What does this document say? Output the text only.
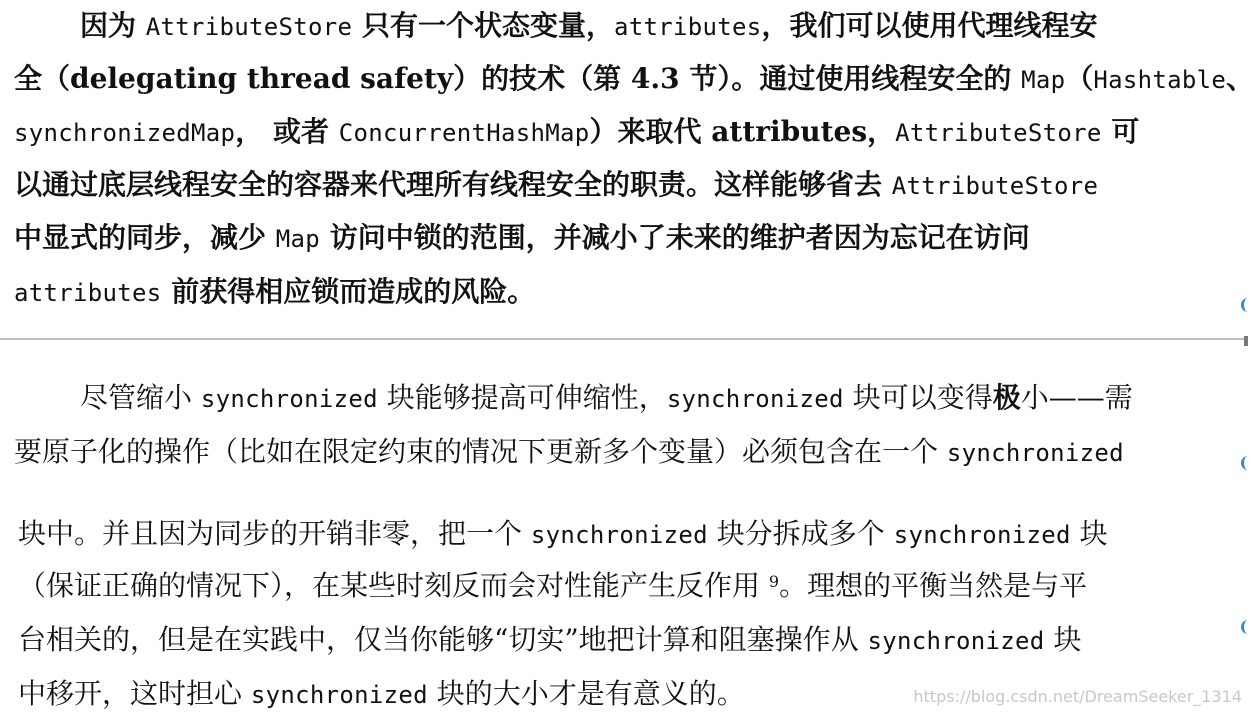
因为 AttributeStore 只有一个状态变量，attributes，我们可以使用代理线程安
全（delegating thread safety）的技术（第 4.3 节）。通过使用线程安全的 Map（Hashtable、
synchronizedMap， 或者 ConcurrentHashMap）来取代 attributes，AttributeStore 可
以通过底层线程安全的容器来代理所有线程安全的职责。这样能够省去 AttributeStore
中显式的同步，减少 Map 访问中锁的范围，并减小了未来的维护者因为忘记在访问
attributes 前获得相应锁而造成的风险。
尽管缩小 synchronized 块能够提高可伸缩性，synchronized 块可以变得极小——需
要原子化的操作（比如在限定约束的情况下更新多个变量）必须包含在一个 synchronized
块中。并且因为同步的开销非零，把一个 synchronized 块分拆成多个 synchronized 块
（保证正确的情况下），在某些时刻反而会对性能产生反作用 $^9$。理想的平衡当然是与平
台相关的，但是在实践中，仅当你能够“切实”地把计算和阻塞操作从 synchronized 块
中移开，这时担心 synchronized 块的大小才是有意义的。	https://blog.csdn.net/DreamSeeker_1314
